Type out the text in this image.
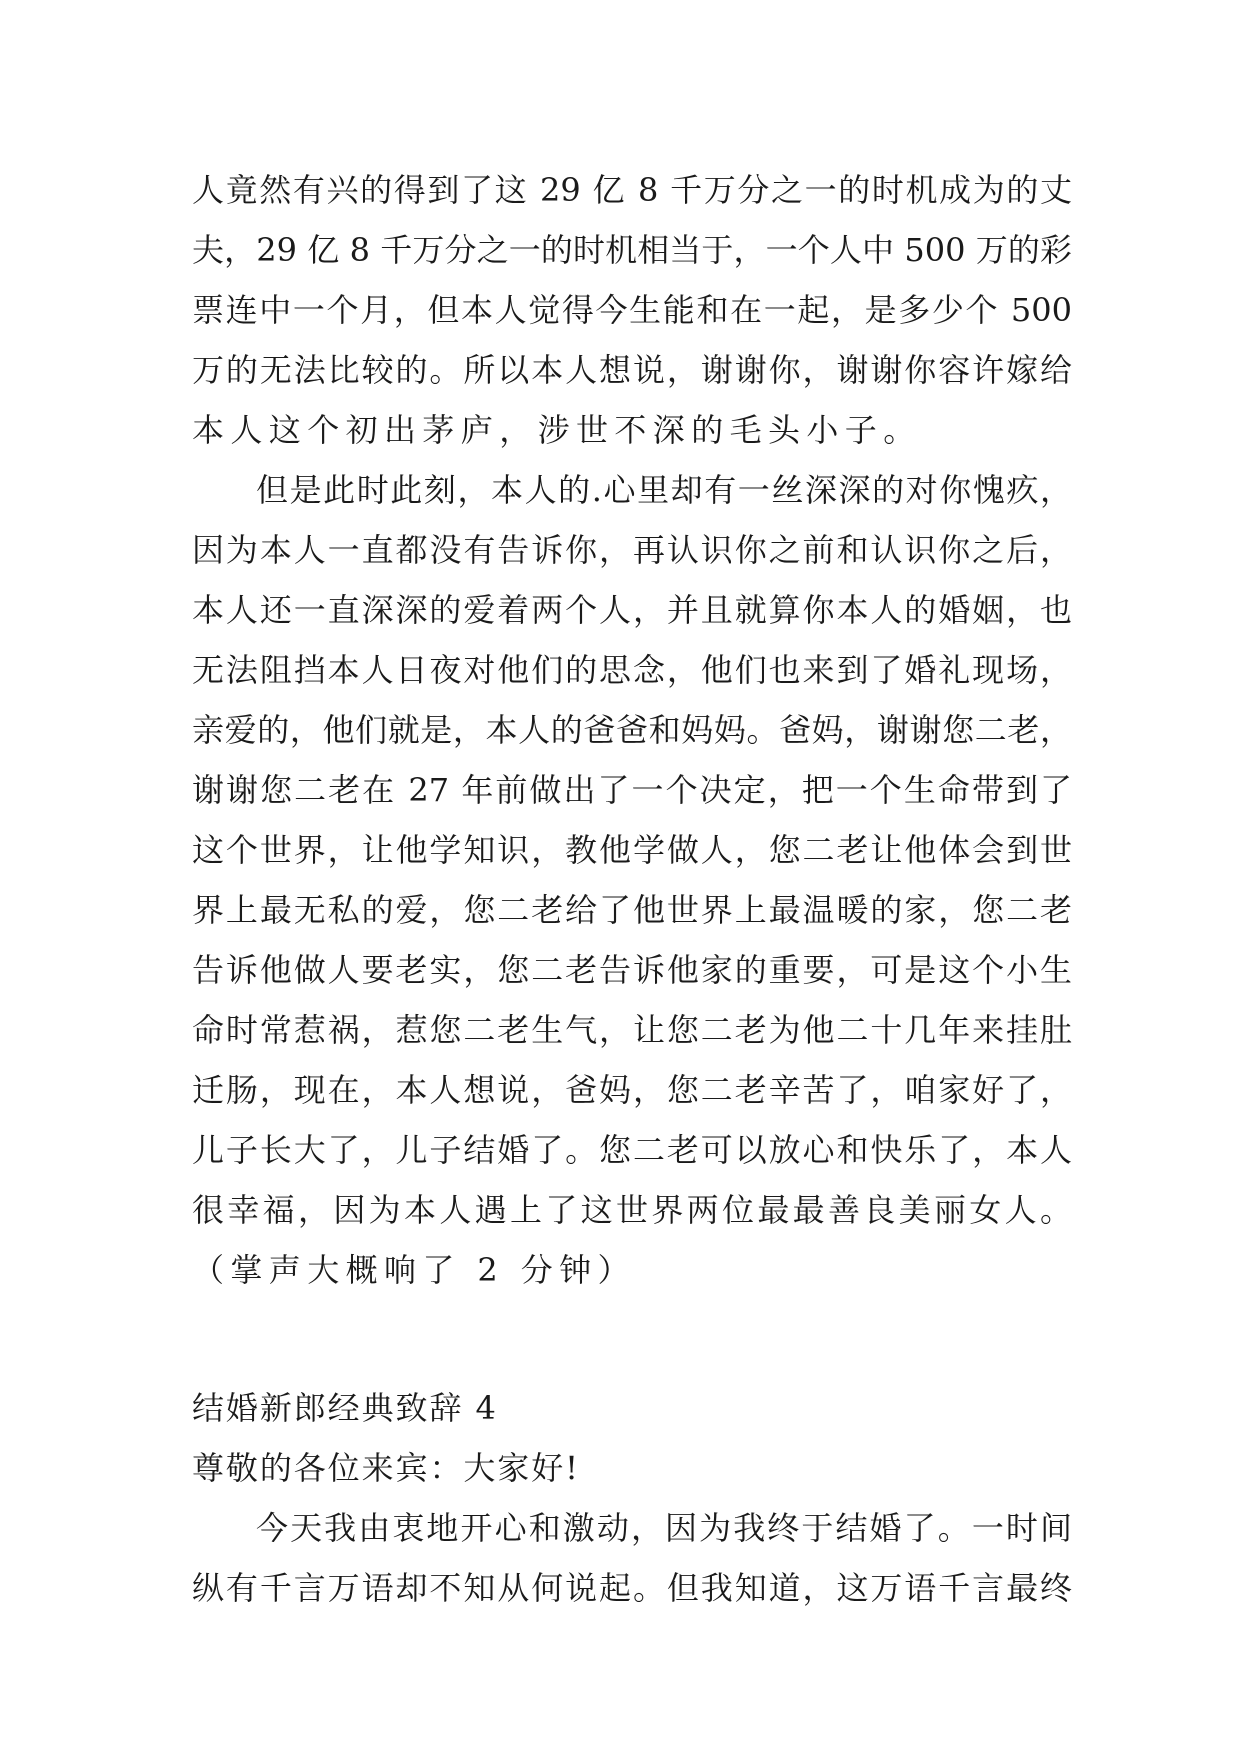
人竟然有兴的得到了这 29 亿 8 千万分之一的时机成为的丈
夫，29 亿 8 千万分之一的时机相当于，一个人中 500 万的彩
票连中一个月，但本人觉得今生能和在一起，是多少个 500
万的无法比较的。所以本人想说，谢谢你，谢谢你容许嫁给
本人这个初出茅庐，涉世不深的毛头小子。
但是此时此刻，本人的.心里却有一丝深深的对你愧疚，
因为本人一直都没有告诉你，再认识你之前和认识你之后，
本人还一直深深的爱着两个人，并且就算你本人的婚姻，也
无法阻挡本人日夜对他们的思念，他们也来到了婚礼现场，
亲爱的，他们就是，本人的爸爸和妈妈。爸妈，谢谢您二老，
谢谢您二老在 27 年前做出了一个决定，把一个生命带到了
这个世界，让他学知识，教他学做人，您二老让他体会到世
界上最无私的爱，您二老给了他世界上最温暖的家，您二老
告诉他做人要老实，您二老告诉他家的重要，可是这个小生
命时常惹祸，惹您二老生气，让您二老为他二十几年来挂肚
迁肠，现在，本人想说，爸妈，您二老辛苦了，咱家好了，
儿子长大了，儿子结婚了。您二老可以放心和快乐了，本人
很幸福，因为本人遇上了这世界两位最最善良美丽女人。
（掌声大概响了 2 分钟）
结婚新郎经典致辞 4
尊敬的各位来宾：大家好!
今天我由衷地开心和激动，因为我终于结婚了。一时间
纵有千言万语却不知从何说起。但我知道，这万语千言最终
